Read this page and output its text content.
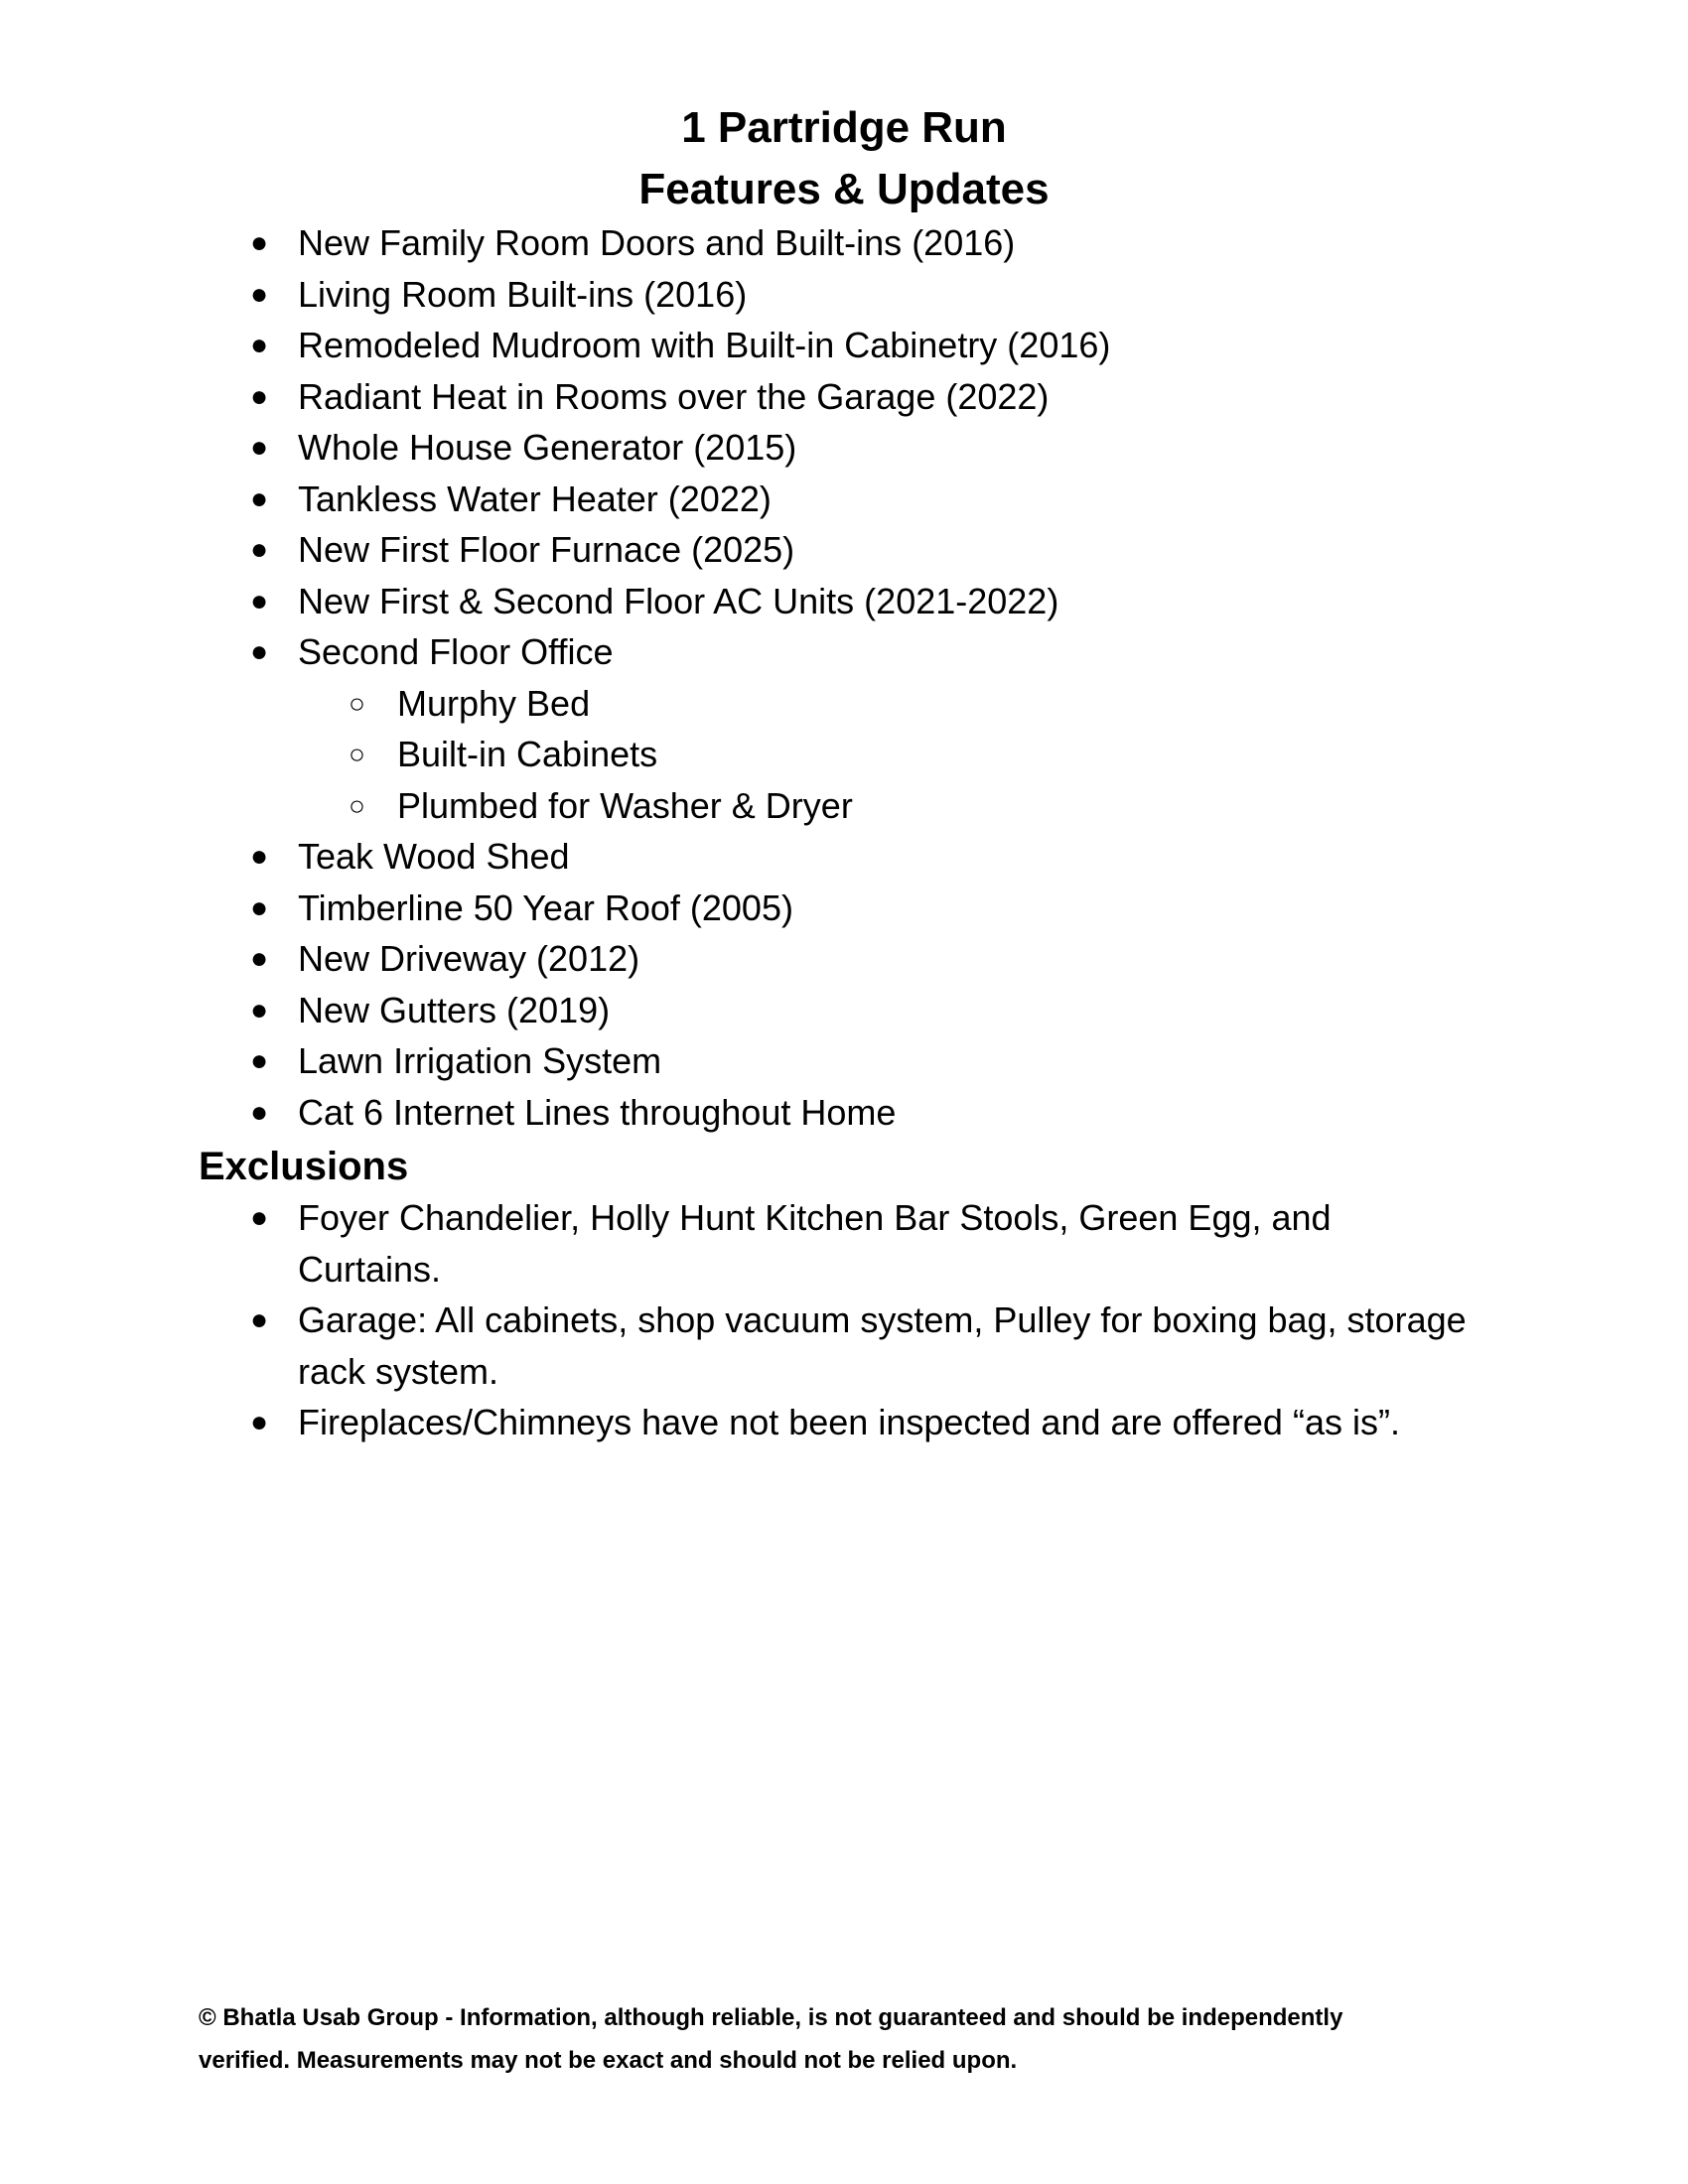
1 Partridge Run
Features & Updates
● New Family Room Doors and Built-ins (2016)
● Living Room Built-ins (2016)
● Remodeled Mudroom with Built-in Cabinetry (2016)
● Radiant Heat in Rooms over the Garage (2022)
● Whole House Generator (2015)
● Tankless Water Heater (2022)
● New First Floor Furnace (2025)
● New First & Second Floor AC Units (2021-2022)
● Second Floor Office
○ Murphy Bed
○ Built-in Cabinets
○ Plumbed for Washer & Dryer
● Teak Wood Shed
● Timberline 50 Year Roof (2005)
● New Driveway (2012)
● New Gutters (2019)
● Lawn Irrigation System
● Cat 6 Internet Lines throughout Home
Exclusions
● Foyer Chandelier, Holly Hunt Kitchen Bar Stools, Green Egg, and Curtains.
● Garage: All cabinets, shop vacuum system, Pulley for boxing bag, storage rack system.
● Fireplaces/Chimneys have not been inspected and are offered “as is”.
© Bhatla Usab Group - Information, although reliable, is not guaranteed and should be independently
verified. Measurements may not be exact and should not be relied upon.
